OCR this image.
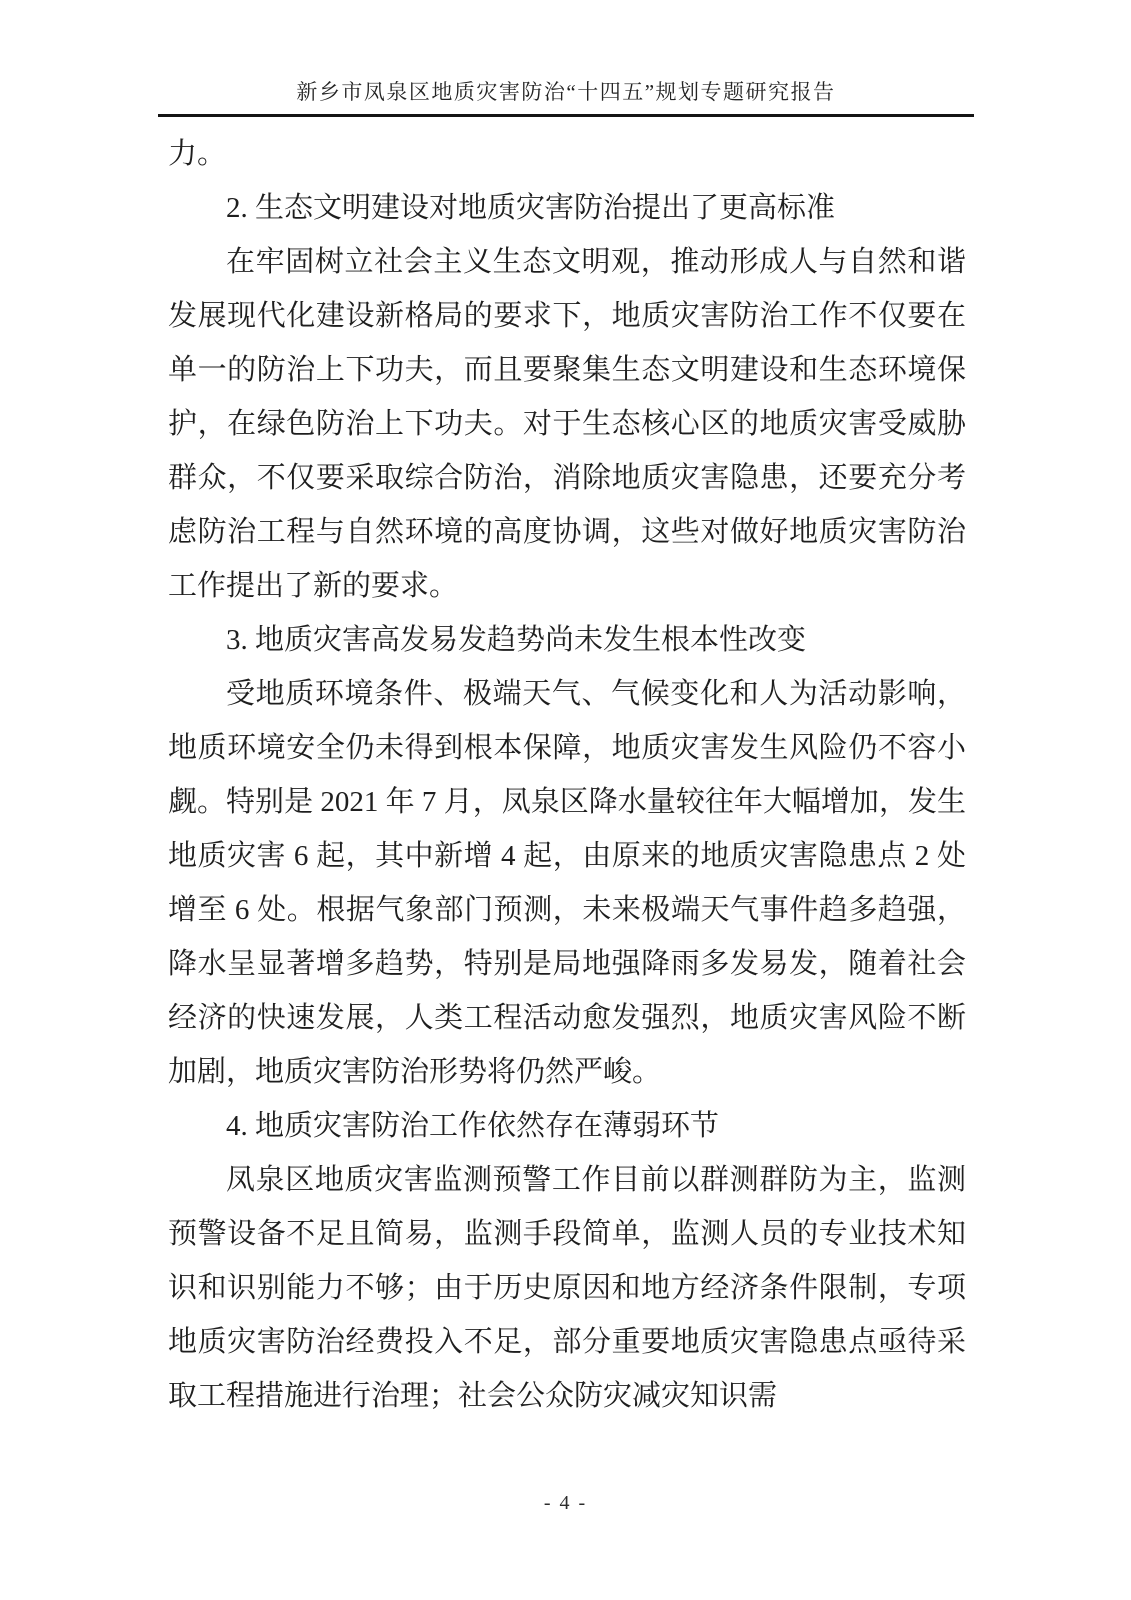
新乡市凤泉区地质灾害防治“十四五”规划专题研究报告

力。

2. 生态文明建设对地质灾害防治提出了更高标准

在牢固树立社会主义生态文明观，推动形成人与自然和谐发展现代化建设新格局的要求下，地质灾害防治工作不仅要在单一的防治上下功夫，而且要聚集生态文明建设和生态环境保护，在绿色防治上下功夫。对于生态核心区的地质灾害受威胁群众，不仅要采取综合防治，消除地质灾害隐患，还要充分考虑防治工程与自然环境的高度协调，这些对做好地质灾害防治工作提出了新的要求。

3. 地质灾害高发易发趋势尚未发生根本性改变

受地质环境条件、极端天气、气候变化和人为活动影响，地质环境安全仍未得到根本保障，地质灾害发生风险仍不容小觑。特别是 2021 年 7 月，凤泉区降水量较往年大幅增加，发生地质灾害 6 起，其中新增 4 起，由原来的地质灾害隐患点 2 处增至 6 处。根据气象部门预测，未来极端天气事件趋多趋强，降水呈显著增多趋势，特别是局地强降雨多发易发，随着社会经济的快速发展，人类工程活动愈发强烈，地质灾害风险不断加剧，地质灾害防治形势将仍然严峻。

4. 地质灾害防治工作依然存在薄弱环节

凤泉区地质灾害监测预警工作目前以群测群防为主，监测预警设备不足且简易，监测手段简单，监测人员的专业技术知识和识别能力不够；由于历史原因和地方经济条件限制，专项地质灾害防治经费投入不足，部分重要地质灾害隐患点亟待采取工程措施进行治理；社会公众防灾减灾知识需

- 4 -
